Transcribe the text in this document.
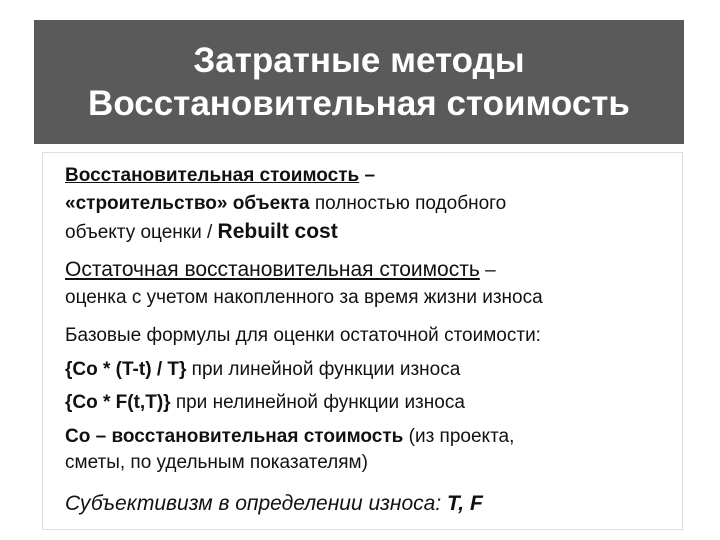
Затратные методы
Восстановительная стоимость
Восстановительная стоимость –
«строительство» объекта полностью подобного
объекту оценки / Rebuilt cost
Остаточная восстановительная стоимость –
оценка с учетом накопленного за время жизни износа
Базовые формулы для оценки остаточной стоимости:
{Co * (T-t) / T} при линейной функции износа
{Co * F(t,T)} при нелинейной функции износа
Co – восстановительная стоимость (из проекта,
сметы, по удельным показателям)
Субъективизм в определении износа: T, F
